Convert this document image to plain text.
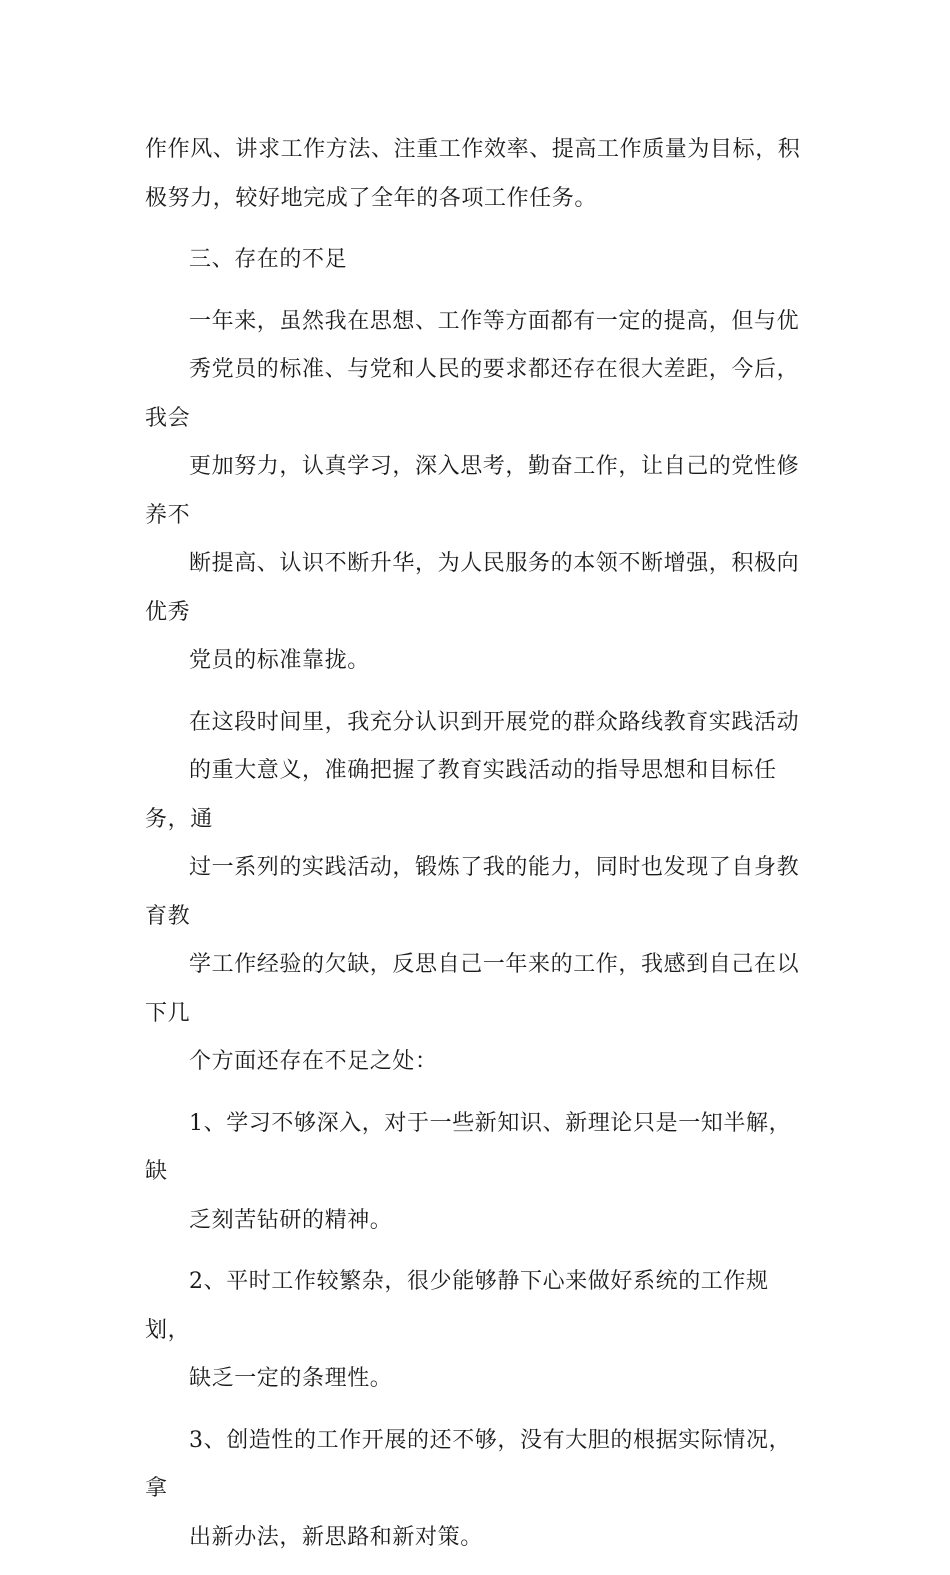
作作风、讲求工作方法、注重工作效率、提高工作质量为目标，积
极努力，较好地完成了全年的各项工作任务。

三、存在的不足

一年来，虽然我在思想、工作等方面都有一定的提高，但与优
秀党员的标准、与党和人民的要求都还存在很大差距，今后，我会
更加努力，认真学习，深入思考，勤奋工作，让自己的党性修养不
断提高、认识不断升华，为人民服务的本领不断增强，积极向优秀
党员的标准靠拢。

在这段时间里，我充分认识到开展党的群众路线教育实践活动
的重大意义，准确把握了教育实践活动的指导思想和目标任务，通
过一系列的实践活动，锻炼了我的能力，同时也发现了自身教育教
学工作经验的欠缺，反思自己一年来的工作，我感到自己在以下几
个方面还存在不足之处：

1、学习不够深入，对于一些新知识、新理论只是一知半解，缺
乏刻苦钻研的精神。

2、平时工作较繁杂，很少能够静下心来做好系统的工作规划，
缺乏一定的条理性。

3、创造性的工作开展的还不够，没有大胆的根据实际情况，拿
出新办法，新思路和新对策。
